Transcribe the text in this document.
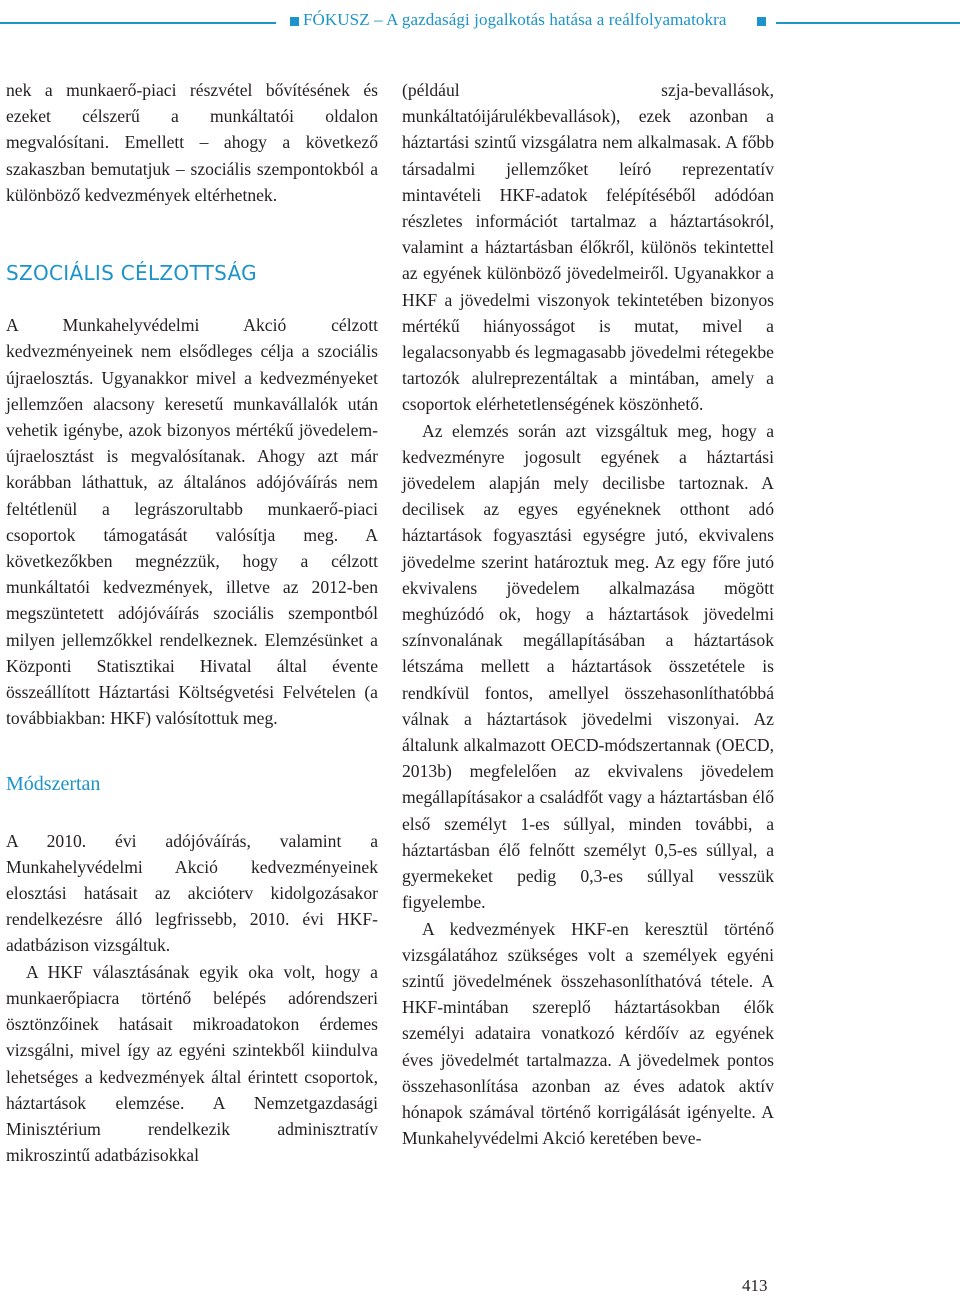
FÓKUSZ – A gazdasági jogalkotás hatása a reálfolyamatokra

nek a munkaerő-piaci részvétel bővítésének és ezeket célszerű a munkáltatói oldalon megvalósítani. Emellett – ahogy a következő szakaszban bemutatjuk – szociális szempontokból a különböző kedvezmények eltérhetnek.

SZOCIÁLIS CÉLZOTTSÁG

A Munkahelyvédelmi Akció célzott kedvezményeinek nem elsődleges célja a szociális újraelosztás. Ugyanakkor mivel a kedvezményeket jellemzően alacsony keresetű munkavállalók után vehetik igénybe, azok bizonyos mértékű jövedelem-újraelosztást is megvalósítanak. Ahogy azt már korábban láthattuk, az általános adójóváírás nem feltétlenül a legrászorultabb munkaerő-piaci csoportok támogatását valósítja meg. A következőkben megnézzük, hogy a célzott munkáltatói kedvezmények, illetve az 2012-ben megszüntetett adójóváírás szociális szempontból milyen jellemzőkkel rendelkeznek. Elemzésünket a Központi Statisztikai Hivatal által évente összeállított Háztartási Költségvetési Felvételen (a továbbiakban: HKF) valósítottuk meg.

Módszertan

A 2010. évi adójóváírás, valamint a Munkahelyvédelmi Akció kedvezményeinek elosztási hatásait az akcióterv kidolgozásakor rendelkezésre álló legfrissebb, 2010. évi HKF-adatbázison vizsgáltuk.

A HKF választásának egyik oka volt, hogy a munkaerőpiacra történő belépés adórendszeri ösztönzőinek hatásait mikroadatokon érdemes vizsgálni, mivel így az egyéni szintekből kiindulva lehetséges a kedvezmények által érintett csoportok, háztartások elemzése. A Nemzetgazdasági Minisztérium rendelkezik adminisztratív mikroszintű adatbázisokkal

(például szja-bevallások, munkáltatóijárulékbevallások), ezek azonban a háztartási szintű vizsgálatra nem alkalmasak. A főbb társadalmi jellemzőket leíró reprezentatív mintavételi HKF-adatok felépítéséből adódóan részletes információt tartalmaz a háztartásokról, valamint a háztartásban élőkről, különös tekintettel az egyének különböző jövedelmeiről. Ugyanakkor a HKF a jövedelmi viszonyok tekintetében bizonyos mértékű hiányosságot is mutat, mivel a legalacsonyabb és legmagasabb jövedelmi rétegekbe tartozók alulreprezentáltak a mintában, amely a csoportok elérhetetlenségének köszönhető.

Az elemzés során azt vizsgáltuk meg, hogy a kedvezményre jogosult egyének a háztartási jövedelem alapján mely decilisbe tartoznak. A decilisek az egyes egyéneknek otthont adó háztartások fogyasztási egységre jutó, ekvivalens jövedelme szerint határoztuk meg. Az egy főre jutó ekvivalens jövedelem alkalmazása mögött meghúzódó ok, hogy a háztartások jövedelmi színvonalának megállapításában a háztartások létszáma mellett a háztartások összetétele is rendkívül fontos, amellyel összehasonlíthatóbbá válnak a háztartások jövedelmi viszonyai. Az általunk alkalmazott OECD-módszertannak (OECD, 2013b) megfelelően az ekvivalens jövedelem megállapításakor a családfőt vagy a háztartásban élő első személyt 1-es súllyal, minden további, a háztartásban élő felnőtt személyt 0,5-es súllyal, a gyermekeket pedig 0,3-es súllyal vesszük figyelembe.

A kedvezmények HKF-en keresztül történő vizsgálatához szükséges volt a személyek egyéni szintű jövedelmének összehasonlíthatóvá tétele. A HKF-mintában szereplő háztartásokban élők személyi adataira vonatkozó kérdőív az egyének éves jövedelmét tartalmazza. A jövedelmek pontos összehasonlítása azonban az éves adatok aktív hónapok számával történő korrigálását igényelte. A Munkahelyvédelmi Akció keretében beve-

413
